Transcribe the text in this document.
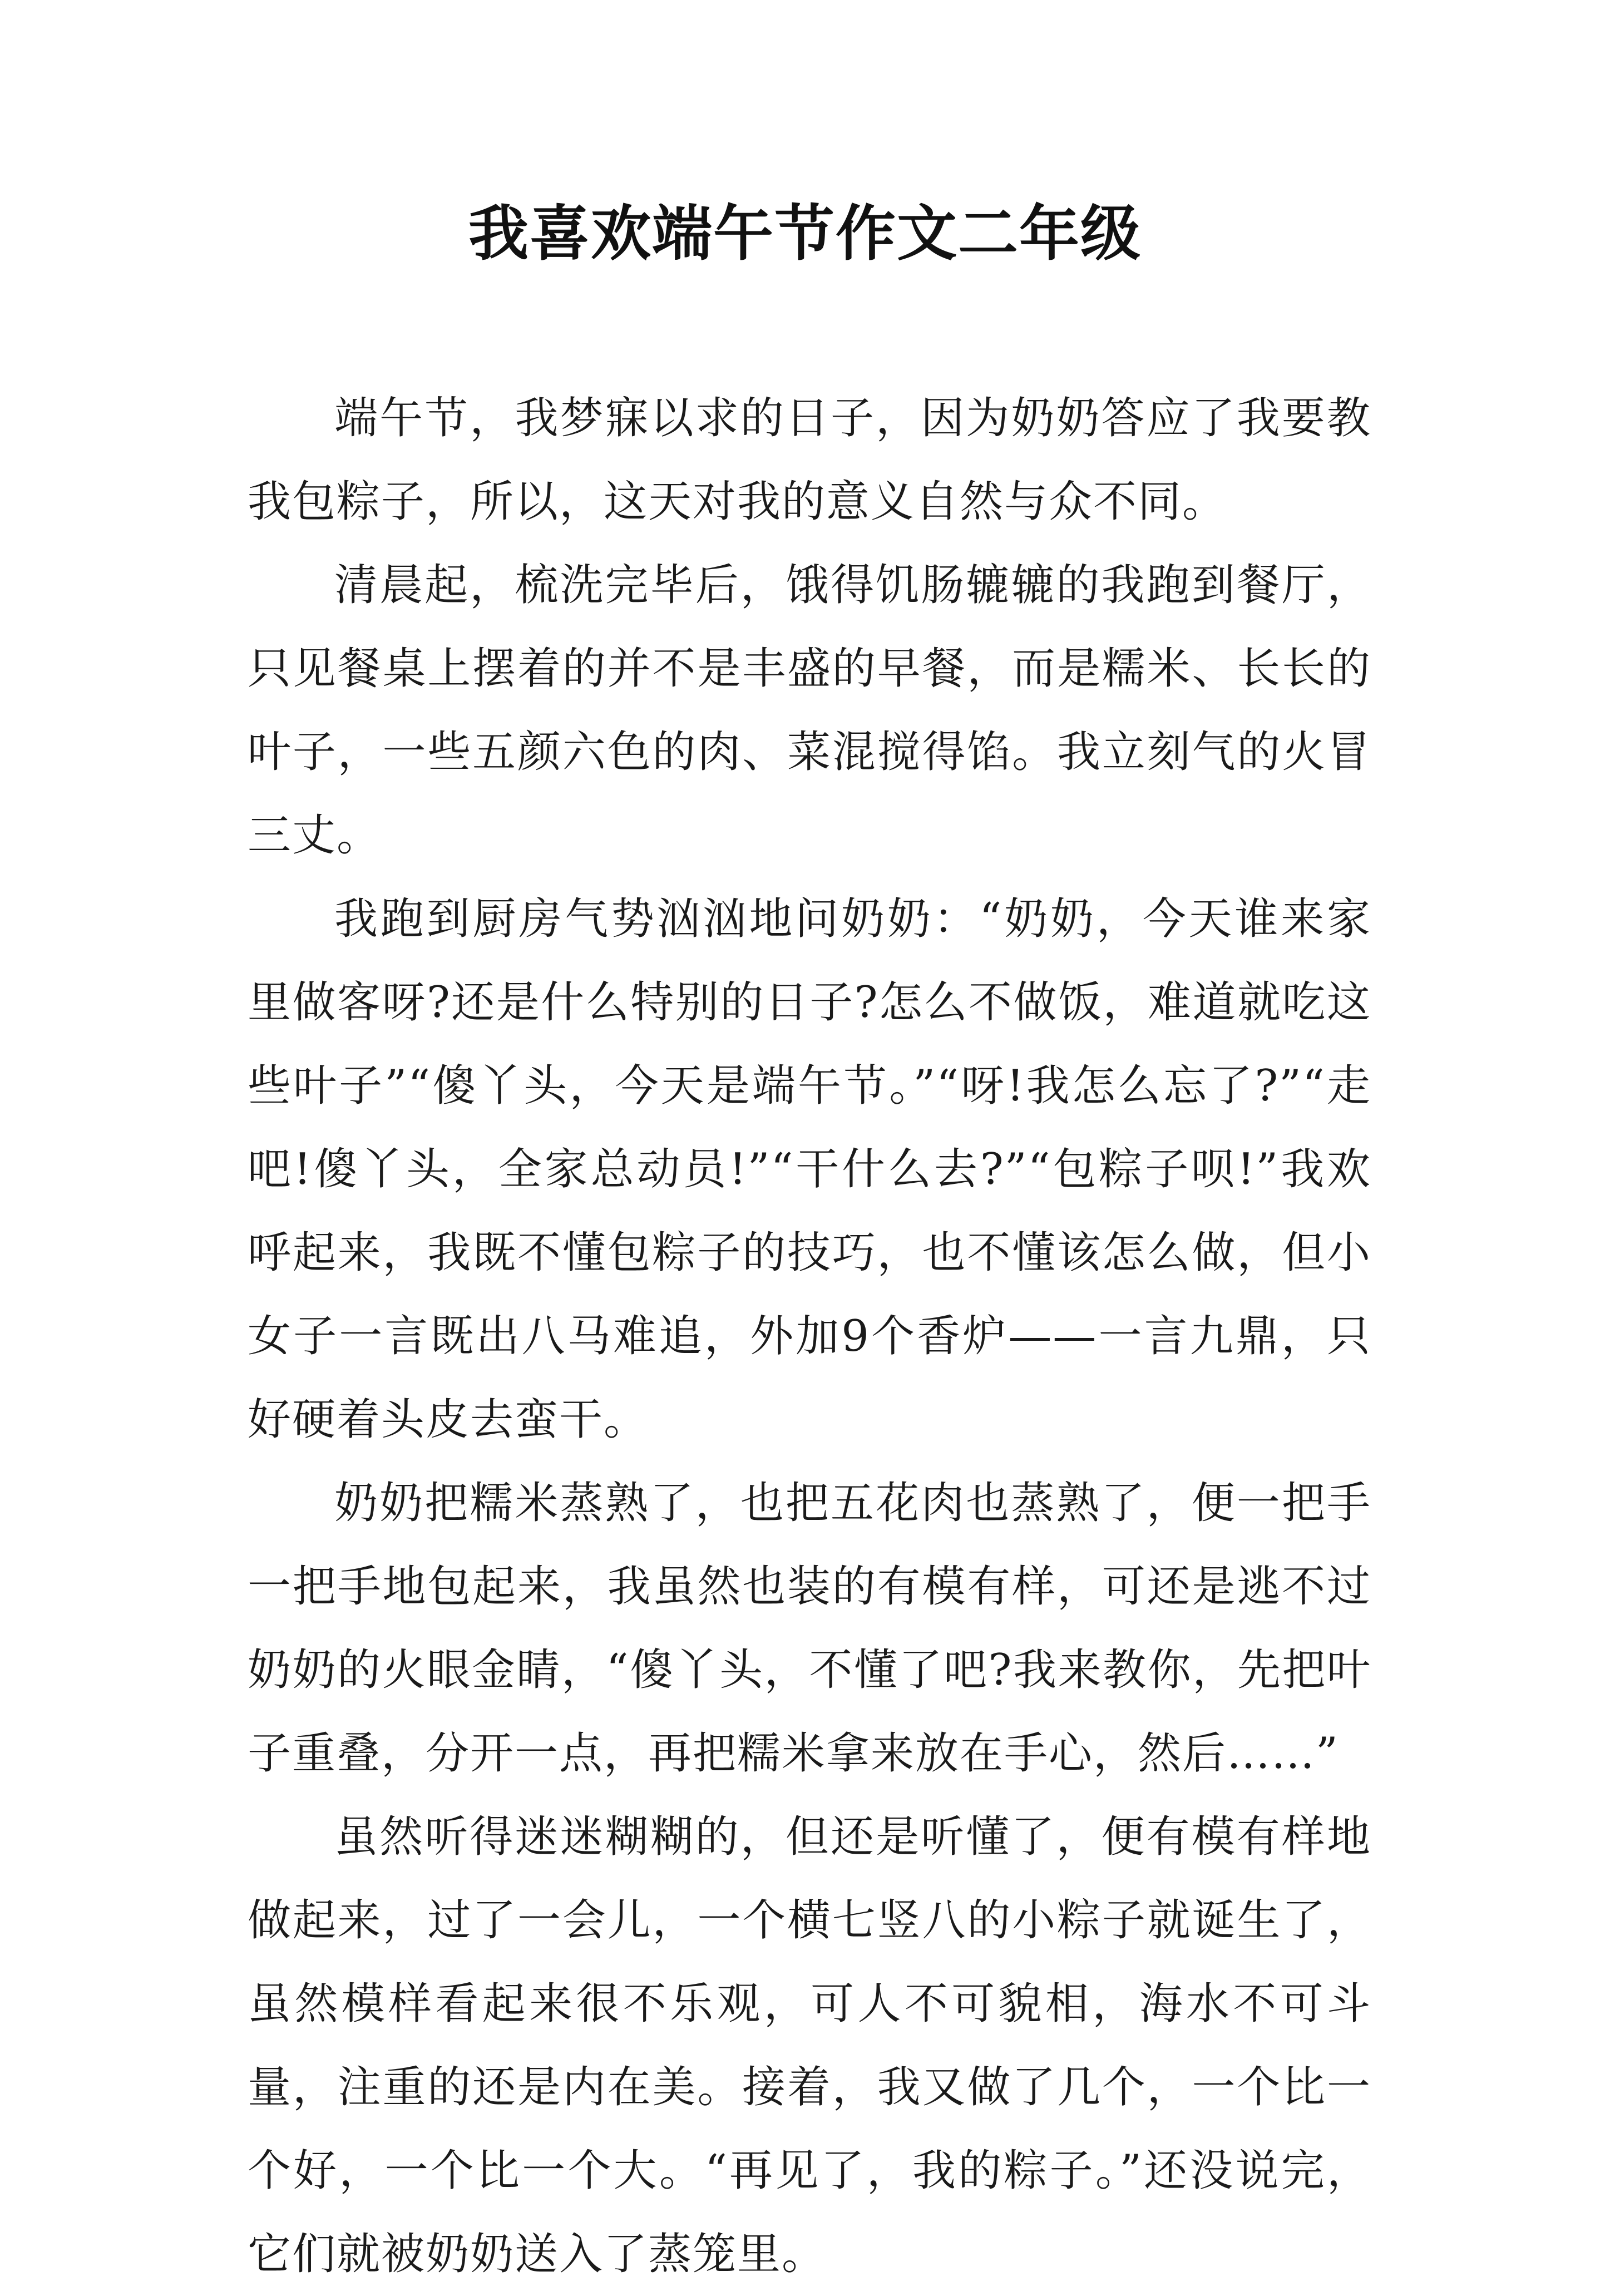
我喜欢端午节作文二年级

端午节，我梦寐以求的日子，因为奶奶答应了我要教我包粽子，所以，这天对我的意义自然与众不同。

清晨起，梳洗完毕后，饿得饥肠辘辘的我跑到餐厅，只见餐桌上摆着的并不是丰盛的早餐，而是糯米、长长的叶子，一些五颜六色的肉、菜混搅得馅。我立刻气的火冒三丈。

我跑到厨房气势汹汹地问奶奶：“奶奶，今天谁来家里做客呀?还是什么特别的日子?怎么不做饭，难道就吃这些叶子”“傻丫头，今天是端午节。”“呀!我怎么忘了?”“走吧!傻丫头，全家总动员!”“干什么去?”“包粽子呗!”我欢呼起来，我既不懂包粽子的技巧，也不懂该怎么做，但小女子一言既出八马难追，外加9个香炉——一言九鼎，只好硬着头皮去蛮干。

奶奶把糯米蒸熟了，也把五花肉也蒸熟了，便一把手一把手地包起来，我虽然也装的有模有样，可还是逃不过奶奶的火眼金睛，“傻丫头，不懂了吧?我来教你，先把叶子重叠，分开一点，再把糯米拿来放在手心，然后……”

虽然听得迷迷糊糊的，但还是听懂了，便有模有样地做起来，过了一会儿，一个横七竖八的小粽子就诞生了，虽然模样看起来很不乐观，可人不可貌相，海水不可斗量，注重的还是内在美。接着，我又做了几个，一个比一个好，一个比一个大。“再见了，我的粽子。”还没说完，它们就被奶奶送入了蒸笼里。
